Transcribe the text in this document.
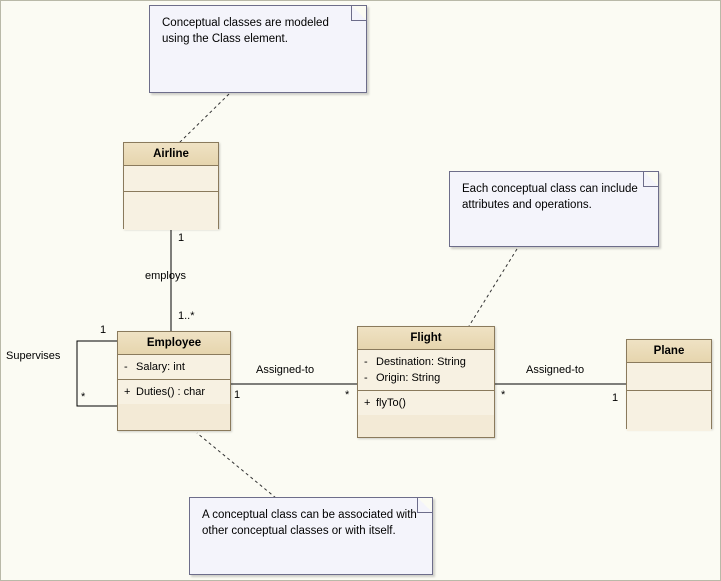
Airline
Employee
- Salary: int
+ Duties() : char
Flight
- Destination: String
- Origin: String
+ flyTo()
Plane

Conceptual classes are modeled using the Class element.

Each conceptual class can include attributes and operations.

A conceptual class can be associated with other conceptual classes or with itself.

1
employs
1..*
Assigned-to
1	*
Assigned-to
*	1
Supervises
1
*
